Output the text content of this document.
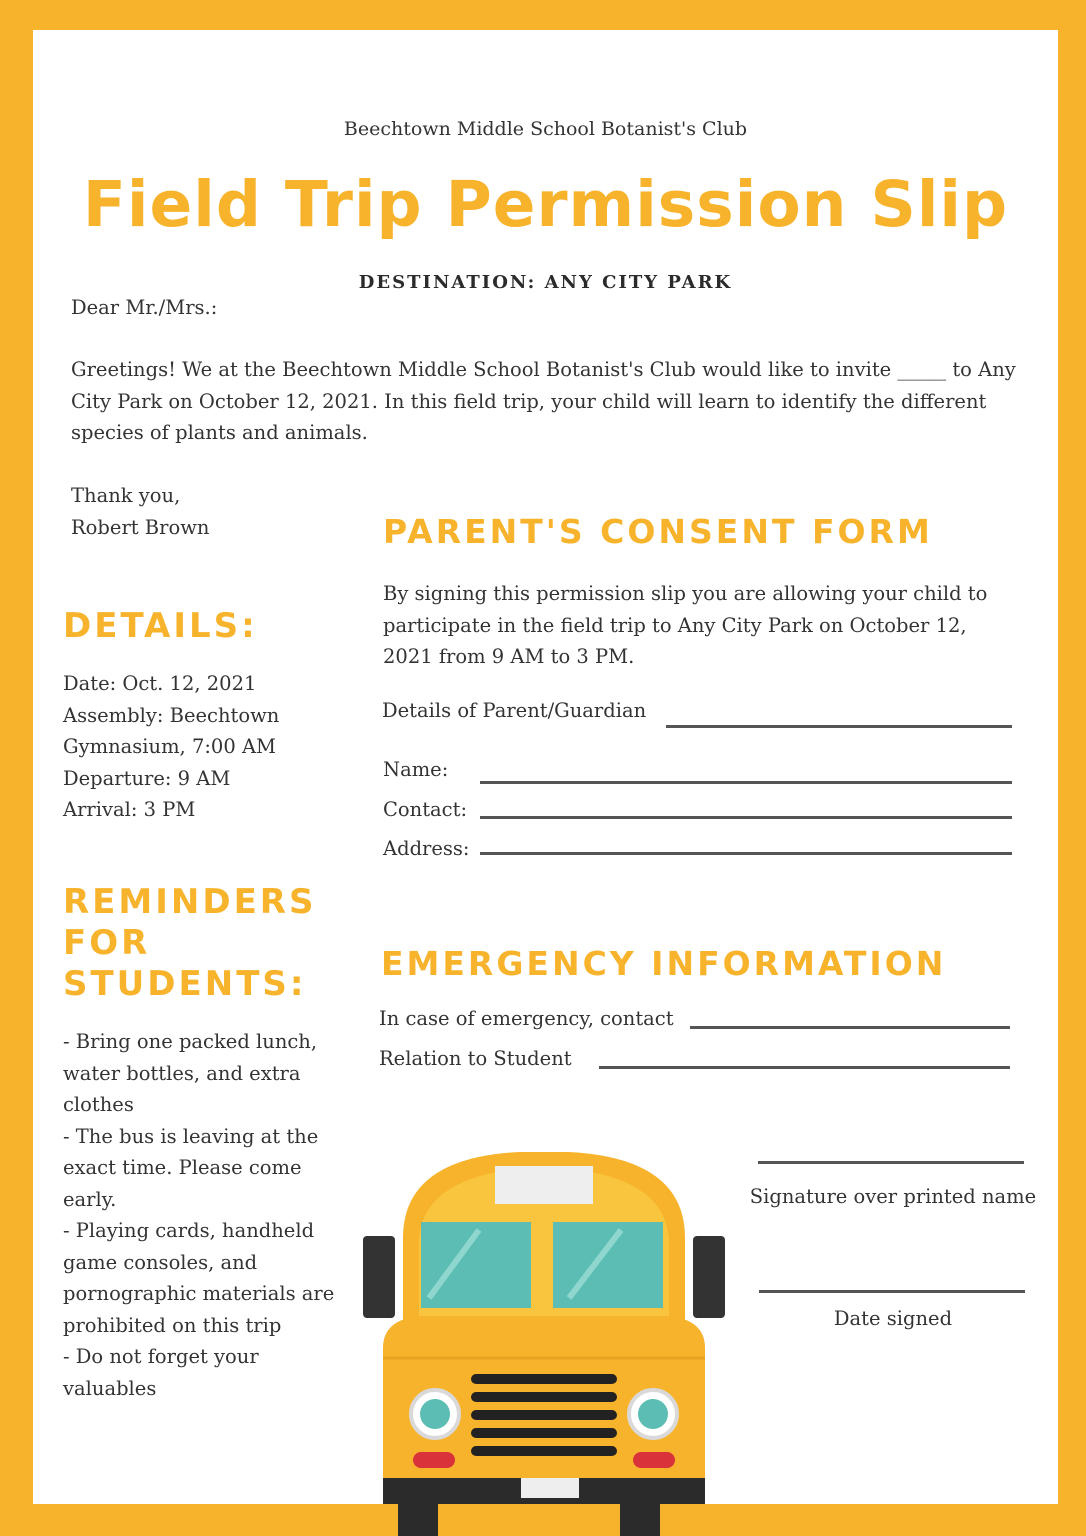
Beechtown Middle School Botanist's Club

Field Trip Permission Slip

DESTINATION: ANY CITY PARK

Dear Mr./Mrs.:

Greetings! We at the Beechtown Middle School Botanist's Club would like to invite _____ to Any City Park on October 12, 2021. In this field trip, your child will learn to identify the different species of plants and animals.

Thank you,

Robert Brown

DETAILS:
Date: Oct. 12, 2021
Assembly: Beechtown
Gymnasium, 7:00 AM
Departure: 9 AM
Arrival: 3 PM
REMINDERS
FOR
STUDENTS:
- Bring one packed lunch,
water bottles, and extra
clothes
- The bus is leaving at the
exact time. Please come
early.
- Playing cards, handheld
game consoles, and
pornographic materials are
prohibited on this trip
- Do not forget your
valuables
PARENT'S CONSENT FORM

By signing this permission slip you are allowing your child to participate in the field trip to Any City Park on October 12, 2021 from 9 AM to 3 PM.

Details of Parent/Guardian
Name:
Contact:
Address:
EMERGENCY INFORMATION
In case of emergency, contact
Relation to Student
Signature over printed name
Date signed
